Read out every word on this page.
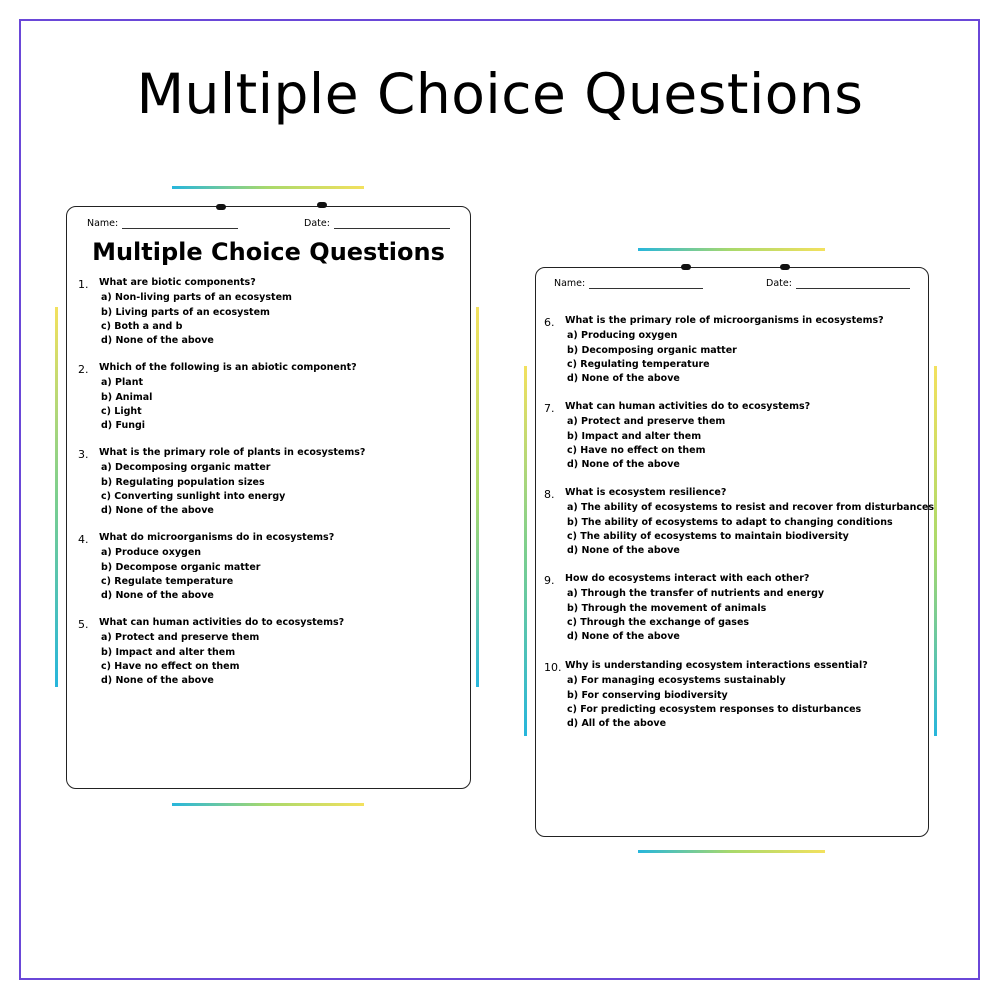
Multiple Choice Questions
Name:	Date:
Multiple Choice Questions
1. What are biotic components?
a) Non-living parts of an ecosystem
b) Living parts of an ecosystem
c) Both a and b
d) None of the above
2. Which of the following is an abiotic component?
a) Plant
b) Animal
c) Light
d) Fungi
3. What is the primary role of plants in ecosystems?
a) Decomposing organic matter
b) Regulating population sizes
c) Converting sunlight into energy
d) None of the above
4. What do microorganisms do in ecosystems?
a) Produce oxygen
b) Decompose organic matter
c) Regulate temperature
d) None of the above
5. What can human activities do to ecosystems?
a) Protect and preserve them
b) Impact and alter them
c) Have no effect on them
d) None of the above
Name:	Date:
6. What is the primary role of microorganisms in ecosystems?
a) Producing oxygen
b) Decomposing organic matter
c) Regulating temperature
d) None of the above
7. What can human activities do to ecosystems?
a) Protect and preserve them
b) Impact and alter them
c) Have no effect on them
d) None of the above
8. What is ecosystem resilience?
a) The ability of ecosystems to resist and recover from disturbances
b) The ability of ecosystems to adapt to changing conditions
c) The ability of ecosystems to maintain biodiversity
d) None of the above
9. How do ecosystems interact with each other?
a) Through the transfer of nutrients and energy
b) Through the movement of animals
c) Through the exchange of gases
d) None of the above
10. Why is understanding ecosystem interactions essential?
a) For managing ecosystems sustainably
b) For conserving biodiversity
c) For predicting ecosystem responses to disturbances
d) All of the above
